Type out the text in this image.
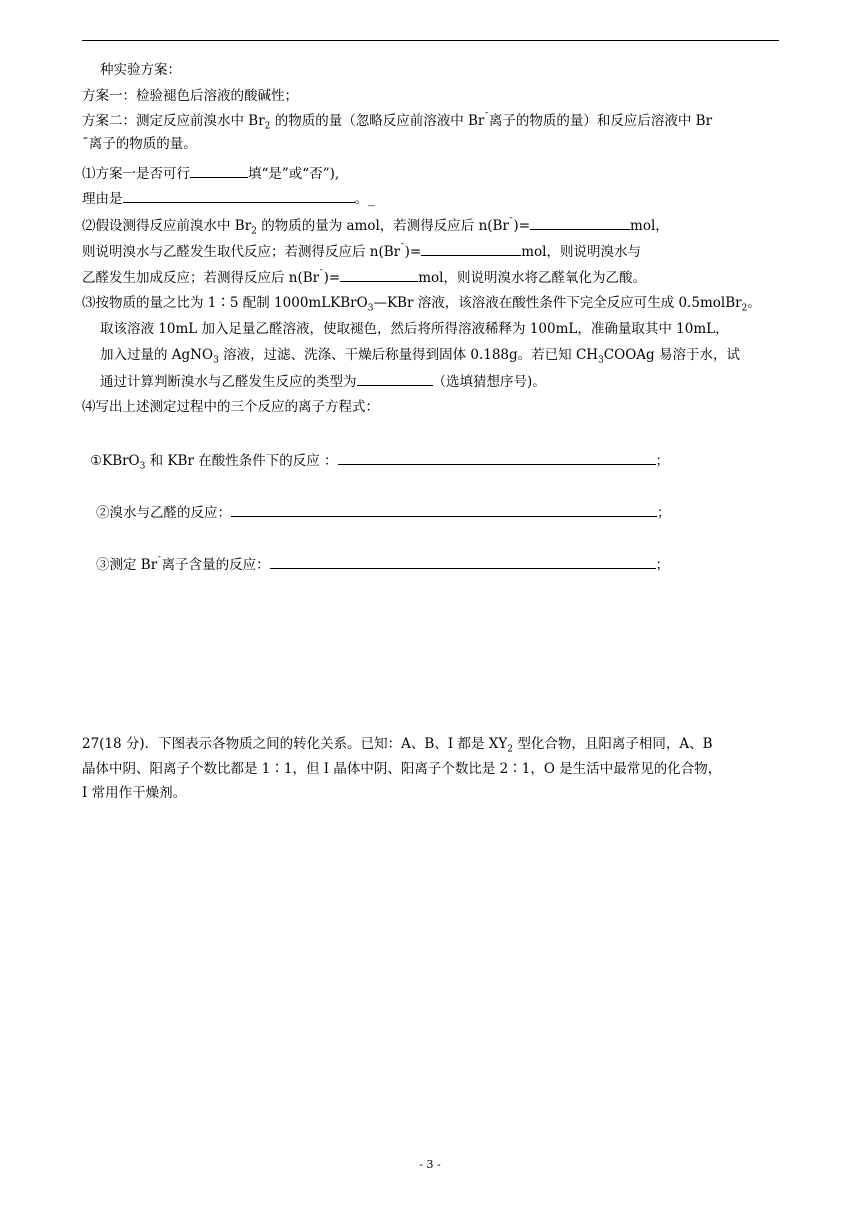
种实验方案：
方案一：检验褪色后溶液的酸碱性；
方案二：测定反应前溴水中 $Br_2$ 的物质的量（忽略反应前溶液中 Br¯离子的物质的量）和反应后溶液中 Br
¯离子的物质的量。
⑴方案一是否可行	填“是”或“否”),
理由是	。_
⑵假设测得反应前溴水中 $Br_2$ 的物质的量为 amol，若测得反应后 n(Br¯)=	mol，
则说明溴水与乙醛发生取代反应；若测得反应后 n(Br¯)=	mol，则说明溴水与
乙醛发生加成反应；若测得反应后 n(Br¯)=	mol，则说明溴水将乙醛氧化为乙酸。
⑶按物质的量之比为 1∶5 配制 1000mLKBrO$_3$—KBr 溶液，该溶液在酸性条件下完全反应可生成 0.5molBr$_2$。
取该溶液 10mL 加入足量乙醛溶液，使取褪色，然后将所得溶液稀释为 100mL，准确量取其中 10mL，
加入过量的 AgNO$_3$ 溶液，过滤、洗涤、干燥后称量得到固体 0.188g。若已知 $CH_3COOAg$ 易溶于水，试
通过计算判断溴水与乙醛发生反应的类型为	（选填猜想序号)。
⑷写出上述测定过程中的三个反应的离子方程式：
①KBrO$_3$ 和 KBr 在酸性条件下的反应 ：	；
②溴水与乙醛的反应：	；
③测定 Br¯离子含量的反应：	；
27(18 分)．下图表示各物质之间的转化关系。已知：A、B、I 都是 $XY_2$ 型化合物，且阳离子相同，A、B
晶体中阴、阳离子个数比都是 1∶1，但 I 晶体中阴、阳离子个数比是 2∶1，O 是生活中最常见的化合物，
I 常用作干燥剂。
- 3 -
